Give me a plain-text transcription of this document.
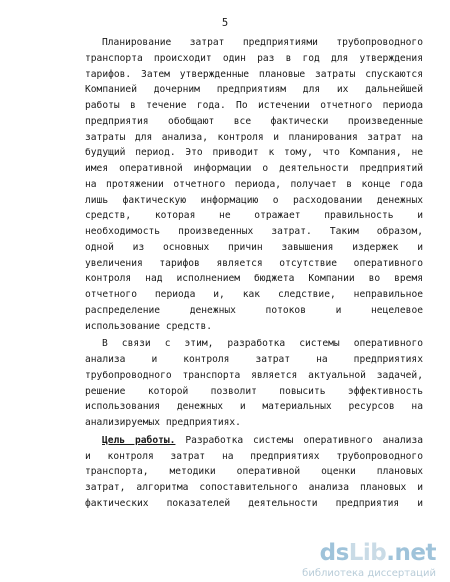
5
Планирование затрат предприятиями трубопроводного
транспорта происходит один раз в год для утверждения
тарифов. Затем утвержденные плановые затраты спускаются
Компанией дочерним предприятиям для их дальнейшей
работы в течение года. По истечении отчетного периода
предприятия обобщают все фактически произведенные
затраты для анализа, контроля и планирования затрат на
будущий период. Это приводит к тому, что Компания, не
имея оперативной информации о деятельности предприятий
на протяжении отчетного периода, получает в конце года
лишь фактическую информацию о расходовании денежных
средств, которая не отражает правильность и
необходимость произведенных затрат. Таким образом,
одной из основных причин завышения издержек и
увеличения тарифов является отсутствие оперативного
контроля над исполнением бюджета Компании во время
отчетного периода и, как следствие, неправильное
распределение денежных потоков и нецелевое
использование средств.
В связи с этим, разработка системы оперативного
анализа и контроля затрат на предприятиях
трубопроводного транспорта является актуальной задачей,
решение которой позволит повысить эффективность
использования денежных и материальных ресурсов на
анализируемых предприятиях.
Цель работы. Разработка системы оперативного анализа
и контроля затрат на предприятиях трубопроводного
транспорта, методики оперативной оценки плановых
затрат, алгоритма сопоставительного анализа плановых и
фактических показателей деятельности предприятия и
dsLib.net
библиотека диссертаций
